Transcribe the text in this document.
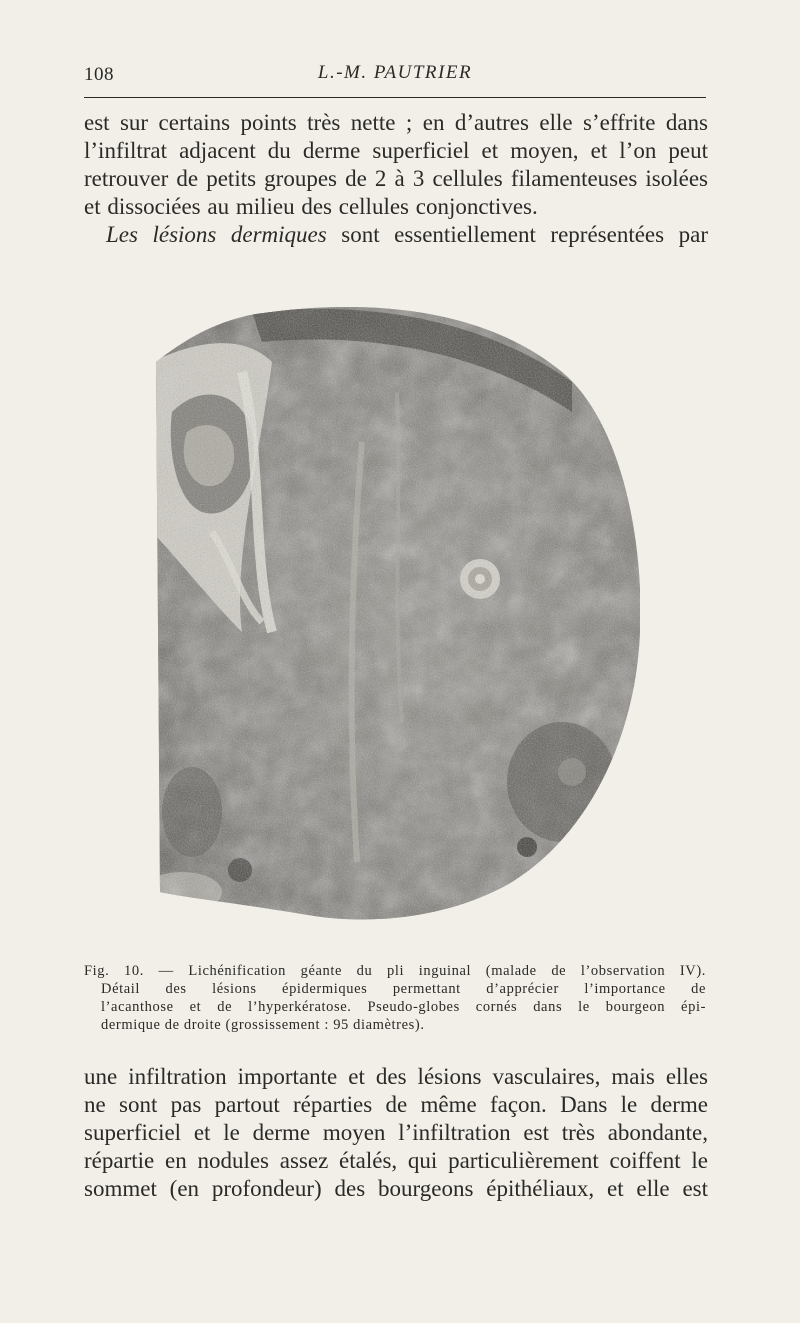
108	L.-M. PAUTRIER
est sur certains points très nette ; en d’autres elle s’effrite dans
l’infiltrat adjacent du derme superficiel et moyen, et l’on peut
retrouver de petits groupes de 2 à 3 cellules filamenteuses isolées
et dissociées au milieu des cellules conjonctives.
Les lésions dermiques sont essentiellement représentées par
Fig. 10. — Lichénification géante du pli inguinal (malade de l’observation IV).
Détail des lésions épidermiques permettant d’apprécier l’importance de
l’acanthose et de l’hyperkératose. Pseudo-globes cornés dans le bourgeon épi-
dermique de droite (grossissement : 95 diamètres).
une infiltration importante et des lésions vasculaires, mais elles
ne sont pas partout réparties de même façon. Dans le derme
superficiel et le derme moyen l’infiltration est très abondante,
répartie en nodules assez étalés, qui particulièrement coiffent le
sommet (en profondeur) des bourgeons épithéliaux, et elle est
